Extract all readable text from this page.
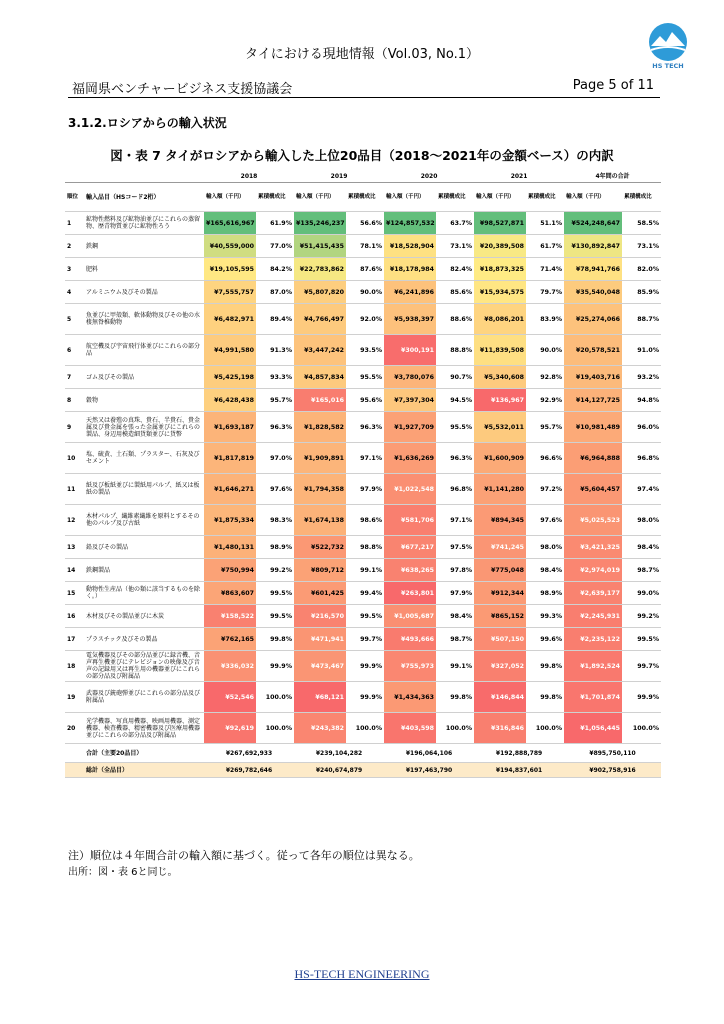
タイにおける現地情報（Vol.03, No.1）
HS TECH
福岡県ベンチャービジネス支援協議会	Page 5 of 11
3.1.2.ロシアからの輸入状況
図・表 7 タイがロシアから輸入した上位20品目（2018～2021年の金額ベース）の内訳
		2018		2019		2020		2021		4年間の合計	
順位	輸入品目（HSコード2桁）	輸入額（千円）	累積構成比	輸入額（千円）	累積構成比	輸入額（千円）	累積構成比	輸入額（千円）	累積構成比	輸入額（千円）	累積構成比
1	鉱物性燃料及び鉱物油並びにこれらの蒸留物、歴青物質並びに鉱物性ろう	¥165,616,967	61.9%	¥135,246,237	56.6%	¥124,857,532	63.7%	¥98,527,871	51.1%	¥524,248,647	58.5%
2	鉄鋼	¥40,559,000	77.0%	¥51,415,435	78.1%	¥18,528,904	73.1%	¥20,389,508	61.7%	¥130,892,847	73.1%
3	肥料	¥19,105,595	84.2%	¥22,783,862	87.6%	¥18,178,984	82.4%	¥18,873,325	71.4%	¥78,941,766	82.0%
4	アルミニウム及びその製品	¥7,555,757	87.0%	¥5,807,820	90.0%	¥6,241,896	85.6%	¥15,934,575	79.7%	¥35,540,048	85.9%
5	魚並びに甲殻類、軟体動物及びその他の水棲無脊椎動物	¥6,482,971	89.4%	¥4,766,497	92.0%	¥5,938,397	88.6%	¥8,086,201	83.9%	¥25,274,066	88.7%
6	航空機及び宇宙飛行体並びにこれらの部分品	¥4,991,580	91.3%	¥3,447,242	93.5%	¥300,191	88.8%	¥11,839,508	90.0%	¥20,578,521	91.0%
7	ゴム及びその製品	¥5,425,198	93.3%	¥4,857,834	95.5%	¥3,780,076	90.7%	¥5,340,608	92.8%	¥19,403,716	93.2%
8	穀物	¥6,428,438	95.7%	¥165,016	95.6%	¥7,397,304	94.5%	¥136,967	92.9%	¥14,127,725	94.8%
9	天然又は養殖の真珠、貴石、半貴石、貴金属及び貴金属を張った金属並びにこれらの製品、身辺用模造細貨類並びに貨幣	¥1,693,187	96.3%	¥1,828,582	96.3%	¥1,927,709	95.5%	¥5,532,011	95.7%	¥10,981,489	96.0%
10	塩、硫黄、土石類、プラスター、石灰及びセメント	¥1,817,819	97.0%	¥1,909,891	97.1%	¥1,636,269	96.3%	¥1,600,909	96.6%	¥6,964,888	96.8%
11	紙及び板紙並びに製紙用パルプ、紙又は板紙の製品	¥1,646,271	97.6%	¥1,794,358	97.9%	¥1,022,548	96.8%	¥1,141,280	97.2%	¥5,604,457	97.4%
12	木材パルプ、繊維素繊維を原料とするその他のパルプ及び古紙	¥1,875,334	98.3%	¥1,674,138	98.6%	¥581,706	97.1%	¥894,345	97.6%	¥5,025,523	98.0%
13	鉛及びその製品	¥1,480,131	98.9%	¥522,732	98.8%	¥677,217	97.5%	¥741,245	98.0%	¥3,421,325	98.4%
14	鉄鋼製品	¥750,994	99.2%	¥809,712	99.1%	¥638,265	97.8%	¥775,048	98.4%	¥2,974,019	98.7%
15	動物性生産品（他の類に該当するものを除く。）	¥863,607	99.5%	¥601,425	99.4%	¥263,801	97.9%	¥912,344	98.9%	¥2,639,177	99.0%
16	木材及びその製品並びに木炭	¥158,522	99.5%	¥216,570	99.5%	¥1,005,687	98.4%	¥865,152	99.3%	¥2,245,931	99.2%
17	プラスチック及びその製品	¥762,165	99.8%	¥471,941	99.7%	¥493,666	98.7%	¥507,150	99.6%	¥2,235,122	99.5%
18	電気機器及びその部分品並びに録音機、音声再生機並びにテレビジョンの映像及び音声の記録用又は再生用の機器並びにこれらの部分品及び附属品	¥336,032	99.9%	¥473,467	99.9%	¥755,973	99.1%	¥327,052	99.8%	¥1,892,524	99.7%
19	武器及び銃砲弾並びにこれらの部分品及び附属品	¥52,546	100.0%	¥68,121	99.9%	¥1,434,363	99.8%	¥146,844	99.8%	¥1,701,874	99.9%
20	光学機器、写真用機器、映画用機器、測定機器、検査機器、精密機器及び医療用機器並びにこれらの部分品及び附属品	¥92,619	100.0%	¥243,382	100.0%	¥403,598	100.0%	¥316,846	100.0%	¥1,056,445	100.0%
	合計（主要20品目）	¥267,692,933		¥239,104,282		¥196,064,106		¥192,888,789		¥895,750,110	
	総計（全品目）	¥269,782,646		¥240,674,879		¥197,463,790		¥194,837,601		¥902,758,916	
注）順位は４年間合計の輸入額に基づく。従って各年の順位は異なる。
出所：図・表 6と同じ。
HS-TECH ENGINEERING
